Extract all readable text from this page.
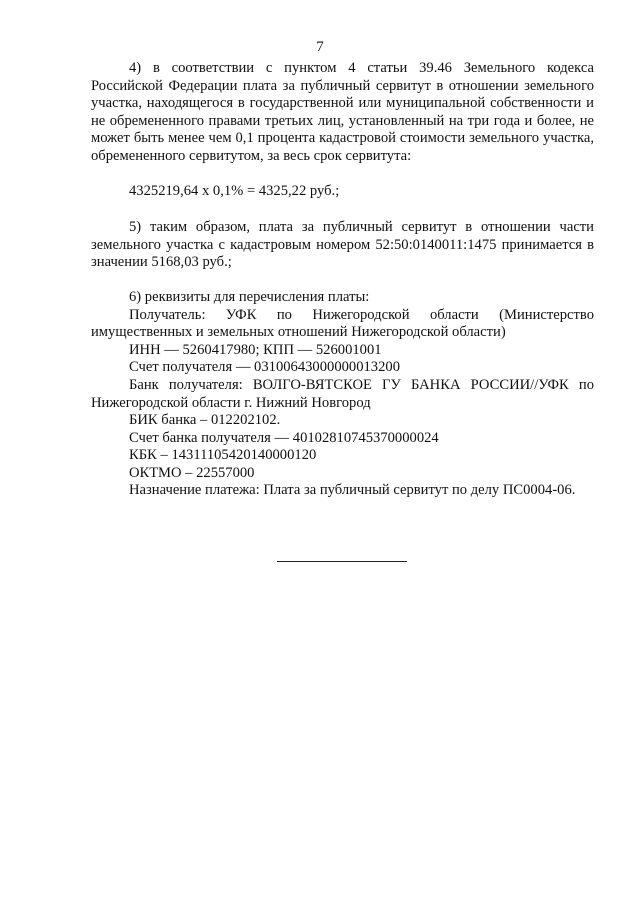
7

4) в соответствии с пунктом 4 статьи 39.46 Земельного кодекса Российской Федерации плата за публичный сервитут в отношении земельного участка, находящегося в государственной или муниципальной собственности и не обремененного правами третьих лиц, установленный на три года и более, не может быть менее чем 0,1 процента кадастровой стоимости земельного участка, обремененного сервитутом, за весь срок сервитута:

4325219,64 х 0,1% = 4325,22 руб.;

5) таким образом, плата за публичный сервитут в отношении части земельного участка с кадастровым номером 52:50:0140011:1475 принимается в значении 5168,03 руб.;

6) реквизиты для перечисления платы:

Получатель: УФК по Нижегородской области (Министерство имущественных и земельных отношений Нижегородской области)

ИНН — 5260417980; КПП — 526001001

Счет получателя — 03100643000000013200

Банк получателя: ВОЛГО-ВЯТСКОЕ ГУ БАНКА РОССИИ//УФК по Нижегородской области г. Нижний Новгород

БИК банка – 012202102.

Счет банка получателя — 40102810745370000024

КБК – 14311105420140000120

ОКТМО – 22557000

Назначение платежа: Плата за публичный сервитут по делу ПС0004-06.
